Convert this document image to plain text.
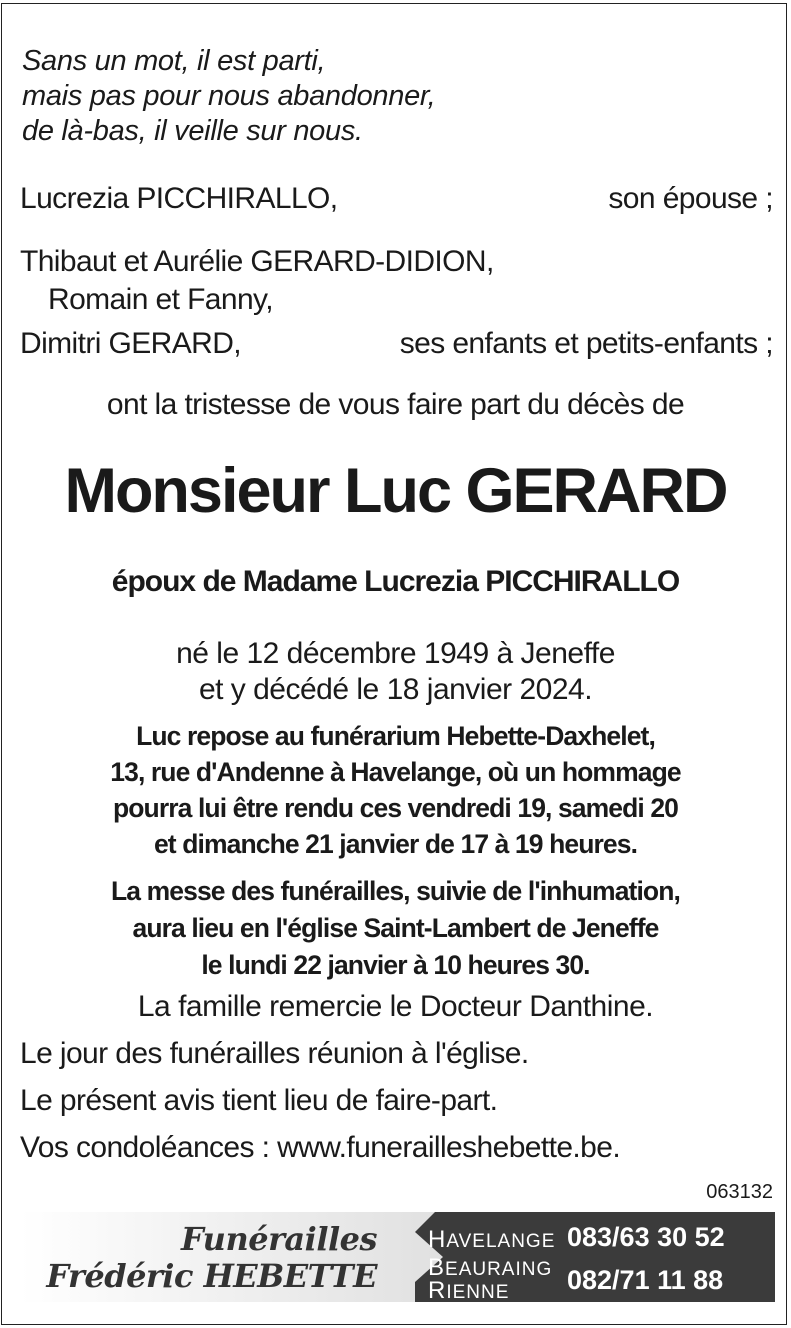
Sans un mot, il est parti,
mais pas pour nous abandonner,
de là-bas, il veille sur nous.
Lucrezia PICCHIRALLO,	son épouse ;
Thibaut et Aurélie GERARD-DIDION,
Romain et Fanny,
Dimitri GERARD,	ses enfants et petits-enfants ;
ont la tristesse de vous faire part du décès de
Monsieur Luc GERARD
époux de Madame Lucrezia PICCHIRALLO
né le 12 décembre 1949 à Jeneffe
et y décédé le 18 janvier 2024.
Luc repose au funérarium Hebette-Daxhelet,
13, rue d'Andenne à Havelange, où un hommage
pourra lui être rendu ces vendredi 19, samedi 20
et dimanche 21 janvier de 17 à 19 heures.
La messe des funérailles, suivie de l'inhumation,
aura lieu en l'église Saint-Lambert de Jeneffe
le lundi 22 janvier à 10 heures 30.
La famille remercie le Docteur Danthine.
Le jour des funérailles réunion à l'église.
Le présent avis tient lieu de faire-part.
Vos condoléances : www.funerailleshebette.be.
063132
Funérailles
Frédéric HEBETTE
HAVELANGE 083/63 30 52
BEAURAING
RIENNE 082/71 11 88
